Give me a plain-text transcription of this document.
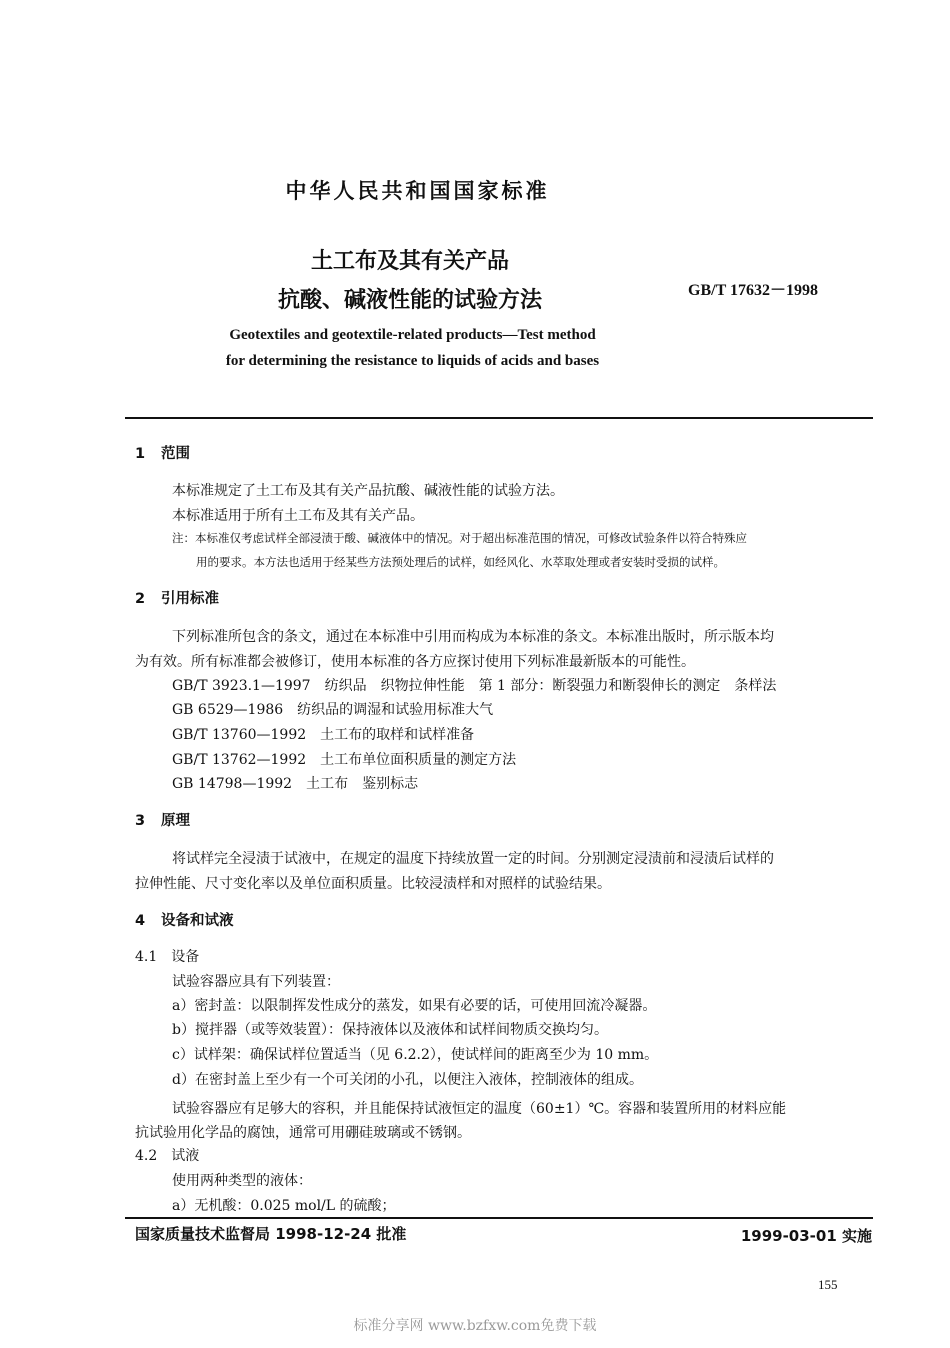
中华人民共和国国家标准
土工布及其有关产品
抗酸、碱液性能的试验方法	GB/T 17632－1998
Geotextiles and geotextile-related products—Test method
for determining the resistance to liquids of acids and bases
1 范围
本标准规定了土工布及其有关产品抗酸、碱液性能的试验方法。
本标准适用于所有土工布及其有关产品。
注：本标准仅考虑试样全部浸渍于酸、碱液体中的情况。对于超出标准范围的情况，可修改试验条件以符合特殊应
用的要求。本方法也适用于经某些方法预处理后的试样，如经风化、水萃取处理或者安装时受损的试样。
2 引用标准
下列标准所包含的条文，通过在本标准中引用而构成为本标准的条文。本标准出版时，所示版本均
为有效。所有标准都会被修订，使用本标准的各方应探讨使用下列标准最新版本的可能性。
GB/T 3923.1—1997　纺织品　织物拉伸性能　第 1 部分：断裂强力和断裂伸长的测定　条样法
GB 6529—1986　纺织品的调湿和试验用标准大气
GB/T 13760—1992　土工布的取样和试样准备
GB/T 13762—1992　土工布单位面积质量的测定方法
GB 14798—1992　土工布　鉴别标志
3 原理
将试样完全浸渍于试液中，在规定的温度下持续放置一定的时间。分别测定浸渍前和浸渍后试样的
拉伸性能、尺寸变化率以及单位面积质量。比较浸渍样和对照样的试验结果。
4 设备和试液
4.1　 设备
试验容器应具有下列装置：
a）密封盖：以限制挥发性成分的蒸发，如果有必要的话，可使用回流冷凝器。
b）搅拌器（或等效装置）：保持液体以及液体和试样间物质交换均匀。
c）试样架：确保试样位置适当（见 6.2.2），使试样间的距离至少为 10 mm。
d）在密封盖上至少有一个可关闭的小孔，以便注入液体，控制液体的组成。
试验容器应有足够大的容积，并且能保持试液恒定的温度（60±1）℃。容器和装置所用的材料应能
抗试验用化学品的腐蚀，通常可用硼硅玻璃或不锈钢。
4.2　 试液
使用两种类型的液体：
a）无机酸：0.025 mol/L 的硫酸；
国家质量技术监督局 1998-12-24 批准	1999-03-01 实施
155
标准分享网 www.bzfxw.com免费下载
